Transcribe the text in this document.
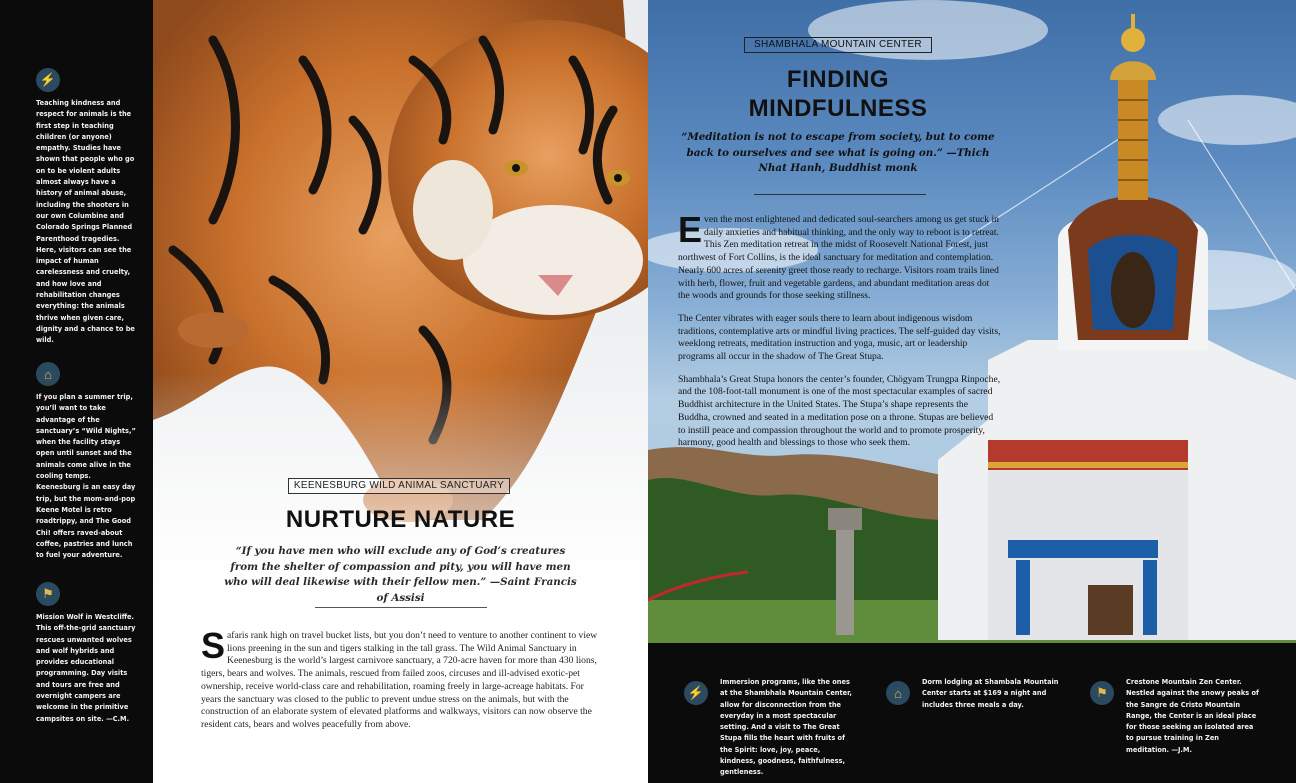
⚡
Teaching kindness and respect for animals is the first step in teaching children (or anyone) empathy. Studies have shown that people who go on to be violent adults almost always have a history of animal abuse, including the shooters in our own Columbine and Colorado Springs Planned Parenthood tragedies. Here, visitors can see the impact of human carelessness and cruelty, and how love and rehabilitation changes everything: the animals thrive when given care, dignity and a chance to be wild.
⌂
If you plan a summer trip, you’ll want to take advantage of the sanctuary’s “Wild Nights,” when the facility stays open until sunset and the animals come alive in the cooling temps. Keenesburg is an easy day trip, but the mom-and-pop Keene Motel is retro roadtrippy, and The Good Chi! offers raved-about coffee, pastries and lunch to fuel your adventure.
⚑
Mission Wolf in Westcliffe. This off-the-grid sanctuary rescues unwanted wolves and wolf hybrids and provides educational programming. Day visits and tours are free and overnight campers are welcome in the primitive campsites on site. —C.M.
KEENESBURG WILD ANIMAL SANCTUARY
NURTURE NATURE
“If you have men who will exclude any of God’s creatures from the shelter of compassion and pity, you will have men who will deal likewise with their fellow men.” —Saint Francis of Assisi
Safaris rank high on travel bucket lists, but you don’t need to venture to another continent to view lions preening in the sun and tigers stalking in the tall grass. The Wild Animal Sanctuary in Keenesburg is the world’s largest carnivore sanctuary, a 720-acre haven for more than 430 lions, tigers, bears and wolves. The animals, rescued from failed zoos, circuses and ill-advised exotic-pet ownership, receive world-class care and rehabilitation, roaming freely in large-acreage habitats. For years the sanctuary was closed to the public to prevent undue stress on the animals, but with the construction of an elaborate system of elevated platforms and walkways, visitors can now observe the resident cats, bears and wolves peacefully from above.
SHAMBHALA MOUNTAIN CENTER
FINDING
MINDFULNESS
“Meditation is not to escape from society, but to come back to ourselves and see what is going on.” —Thich Nhat Hanh, Buddhist monk

Even the most enlightened and dedicated soul-searchers among us get stuck in daily anxieties and habitual thinking, and the only way to reboot is to retreat. This Zen meditation retreat in the midst of Roosevelt National Forest, just northwest of Fort Collins, is the ideal sanctuary for meditation and contemplation. Nearly 600 acres of serenity greet those ready to recharge. Visitors roam trails lined with herb, flower, fruit and vegetable gardens, and abundant meditation areas dot the woods and grounds for those seeking stillness.

The Center vibrates with eager souls there to learn about indigenous wisdom traditions, contemplative arts or mindful living practices. The self-guided day visits, weeklong retreats, meditation instruction and yoga, music, art or leadership programs all occur in the shadow of The Great Stupa.

Shambhala’s Great Stupa honors the center’s founder, Chögyam Trungpa Rinpoche, and the 108-foot-tall monument is one of the most spectacular examples of sacred Buddhist architecture in the United States. The Stupa’s shape represents the Buddha, crowned and seated in a meditation pose on a throne. Stupas are believed to instill peace and compassion throughout the world and to promote prosperity, harmony, good health and blessings to those who seek them.

⚡
Immersion programs, like the ones at the Shambhala Mountain Center, allow for disconnection from the everyday in a most spectacular setting. And a visit to The Great Stupa fills the heart with fruits of the Spirit: love, joy, peace, kindness, goodness, faithfulness, gentleness.
⌂
Dorm lodging at Shambala Mountain Center starts at $169 a night and includes three meals a day.
⚑
Crestone Mountain Zen Center. Nestled against the snowy peaks of the Sangre de Cristo Mountain Range, the Center is an ideal place for those seeking an isolated area to pursue training in Zen meditation. —J.M.
